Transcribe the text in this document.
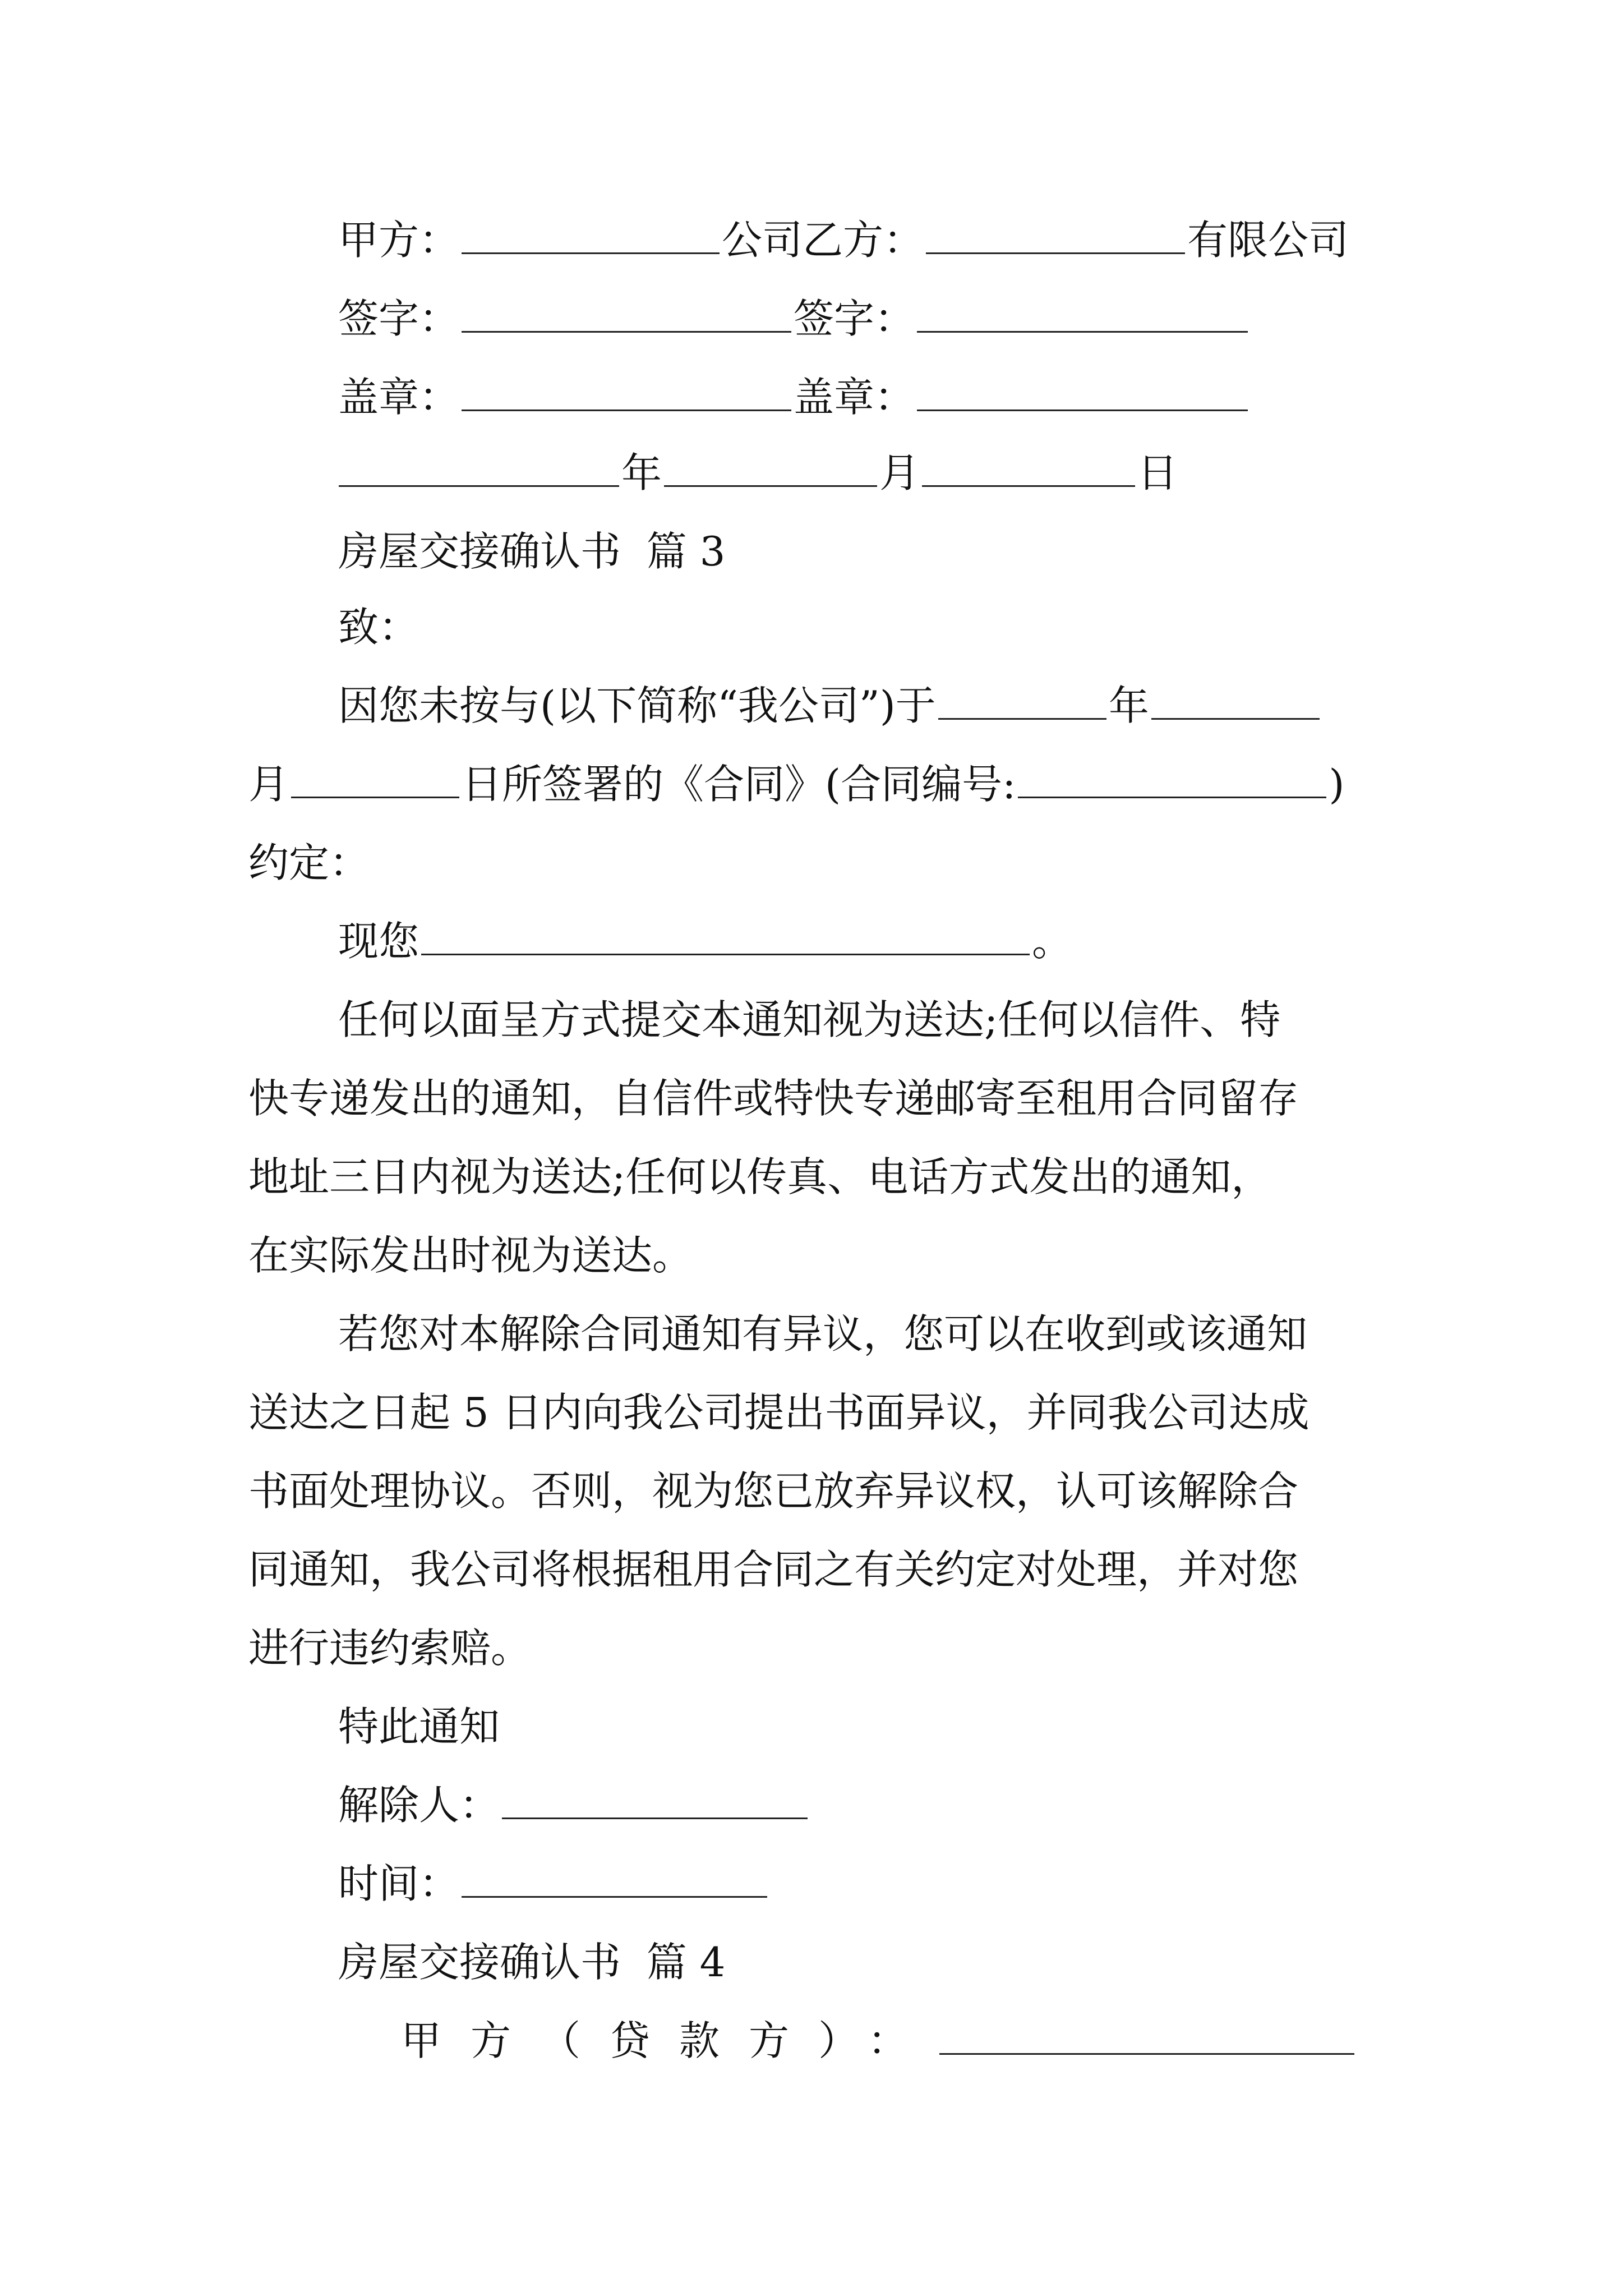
甲方：	公司乙方：	有限公司
签字：	签字：
盖章：	盖章：
年	月	日
房屋交接确认书  篇 3
致：
因您未按与(以下简称“我公司”)于	年
月	日所签署的《合同》(合同编号:	)
约定：
现您	。
任何以面呈方式提交本通知视为送达;任何以信件、特
快专递发出的通知，自信件或特快专递邮寄至租用合同留存
地址三日内视为送达;任何以传真、电话方式发出的通知，
在实际发出时视为送达。
若您对本解除合同通知有异议，您可以在收到或该通知
送达之日起 5 日内向我公司提出书面异议，并同我公司达成
书面处理协议。否则，视为您已放弃异议权，认可该解除合
同通知，我公司将根据租用合同之有关约定对处理，并对您
进行违约索赔。
特此通知
解除人：
时间：
房屋交接确认书  篇 4
甲方（贷款方）：
